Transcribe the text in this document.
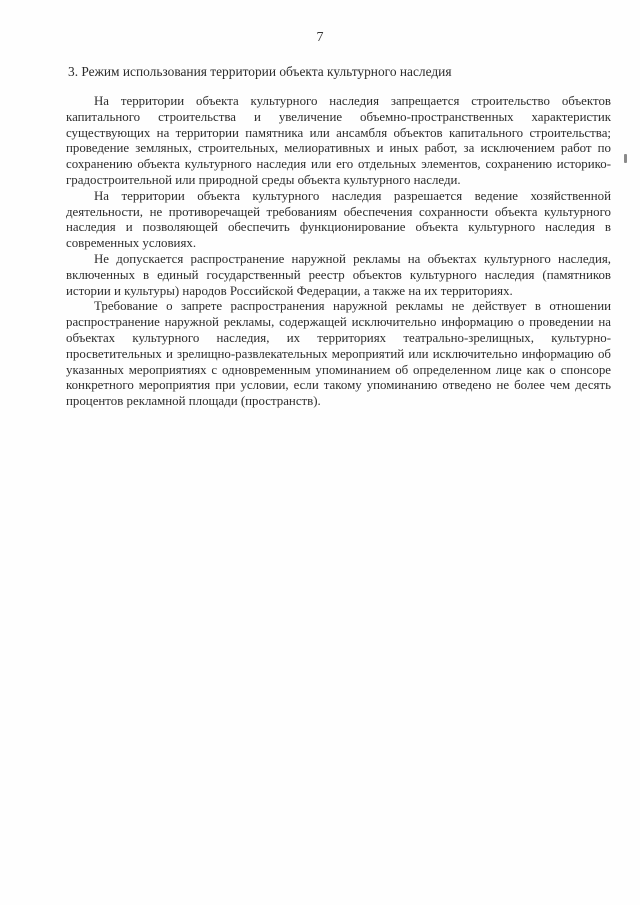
7
3. Режим использования территории объекта культурного наследия

На территории объекта культурного наследия запрещается строительство объектов капитального строительства и увеличение объемно-пространственных характеристик существующих на территории памятника или ансамбля объектов капитального строительства; проведение земляных, строительных, мелиоративных и иных работ, за исключением работ по сохранению объекта культурного наследия или его отдельных элементов, сохранению историко-градостроительной или природной среды объекта культурного наследи.

На территории объекта культурного наследия разрешается ведение хозяйственной деятельности, не противоречащей требованиям обеспечения сохранности объекта культурного наследия и позволяющей обеспечить функционирование объекта культурного наследия в современных условиях.

Не допускается распространение наружной рекламы на объектах культурного наследия, включенных в единый государственный реестр объектов культурного наследия (памятников истории и культуры) народов Российской Федерации, а также на их территориях.

Требование о запрете распространения наружной рекламы не действует в отношении распространение наружной рекламы, содержащей исключительно информацию о проведении на объектах культурного наследия, их территориях театрально-зрелищных, культурно-просветительных и зрелищно-развлекательных мероприятий или исключительно информацию об указанных мероприятиях с одновременным упоминанием об определенном лице как о спонсоре конкретного мероприятия при условии, если такому упоминанию отведено не более чем десять процентов рекламной площади (пространств).
